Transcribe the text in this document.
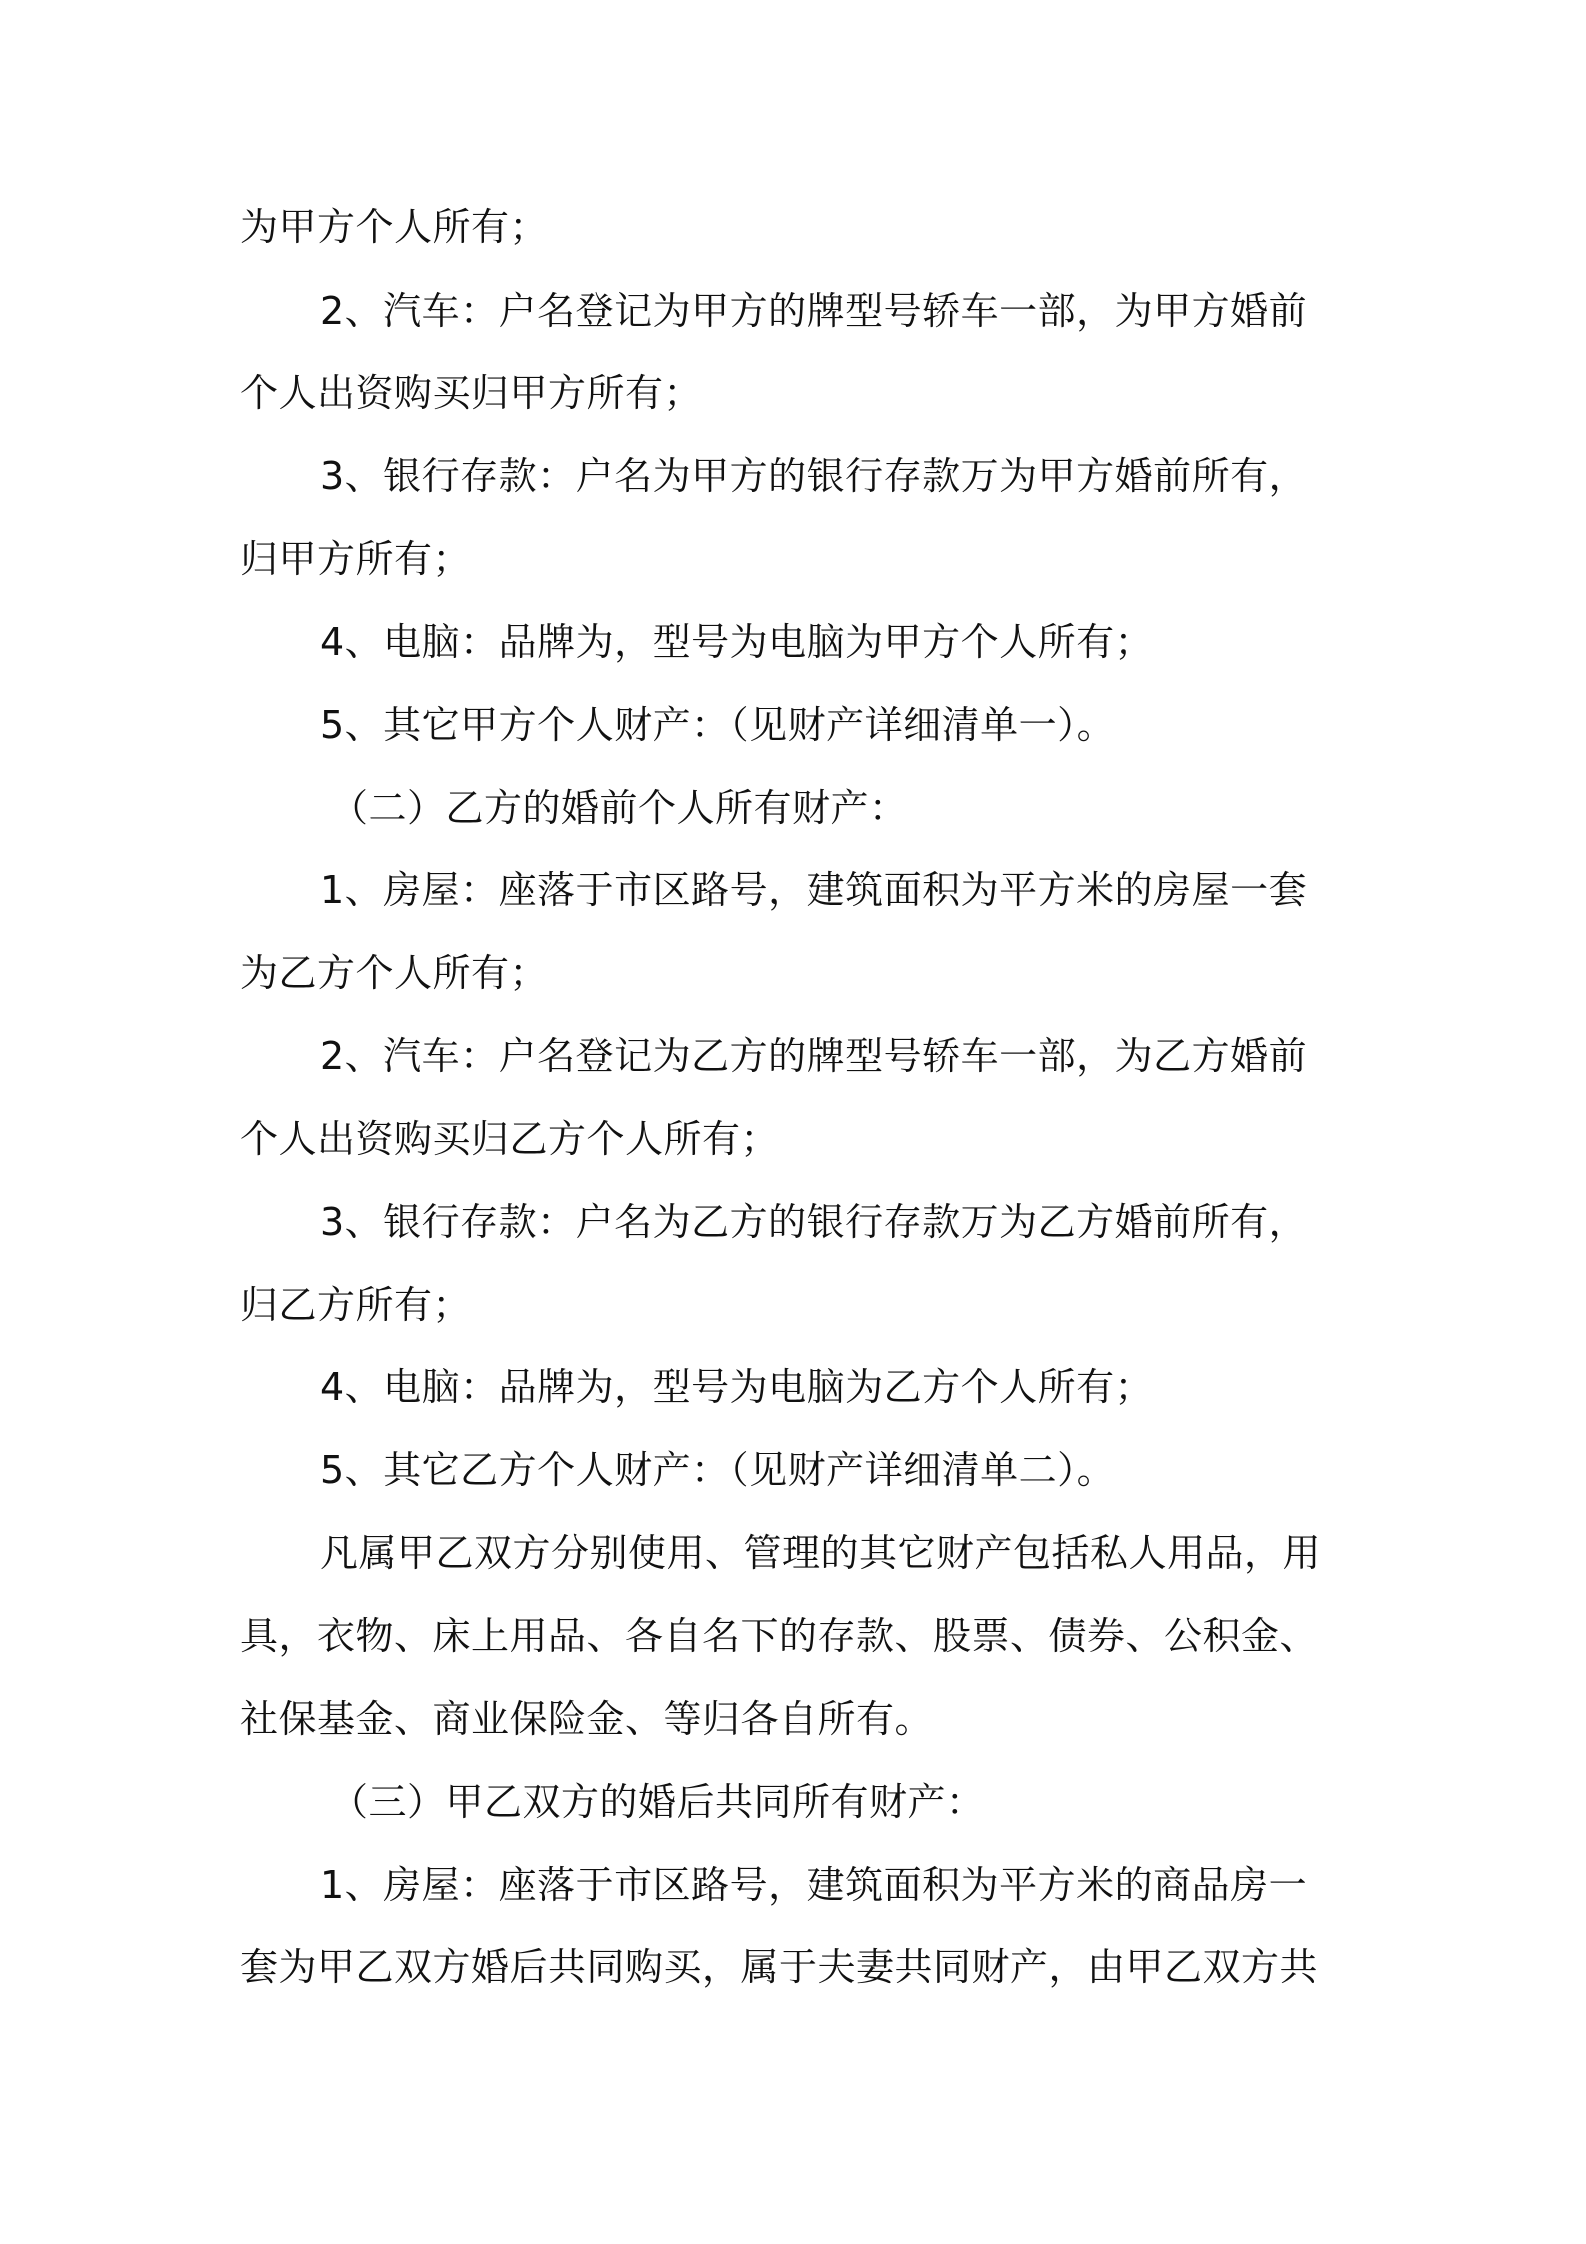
为甲方个人所有；
2、汽车：户名登记为甲方的牌型号轿车一部，为甲方婚前
个人出资购买归甲方所有；
3、银行存款：户名为甲方的银行存款万为甲方婚前所有，
归甲方所有；
4、电脑：品牌为，型号为电脑为甲方个人所有；
5、其它甲方个人财产：（见财产详细清单一）。
（二）乙方的婚前个人所有财产：
1、房屋：座落于市区路号，建筑面积为平方米的房屋一套
为乙方个人所有；
2、汽车：户名登记为乙方的牌型号轿车一部，为乙方婚前
个人出资购买归乙方个人所有；
3、银行存款：户名为乙方的银行存款万为乙方婚前所有，
归乙方所有；
4、电脑：品牌为，型号为电脑为乙方个人所有；
5、其它乙方个人财产：（见财产详细清单二）。
凡属甲乙双方分别使用、管理的其它财产包括私人用品，用
具，衣物、床上用品、各自名下的存款、股票、债券、公积金、
社保基金、商业保险金、等归各自所有。
（三）甲乙双方的婚后共同所有财产：
1、房屋：座落于市区路号，建筑面积为平方米的商品房一
套为甲乙双方婚后共同购买，属于夫妻共同财产，由甲乙双方共
